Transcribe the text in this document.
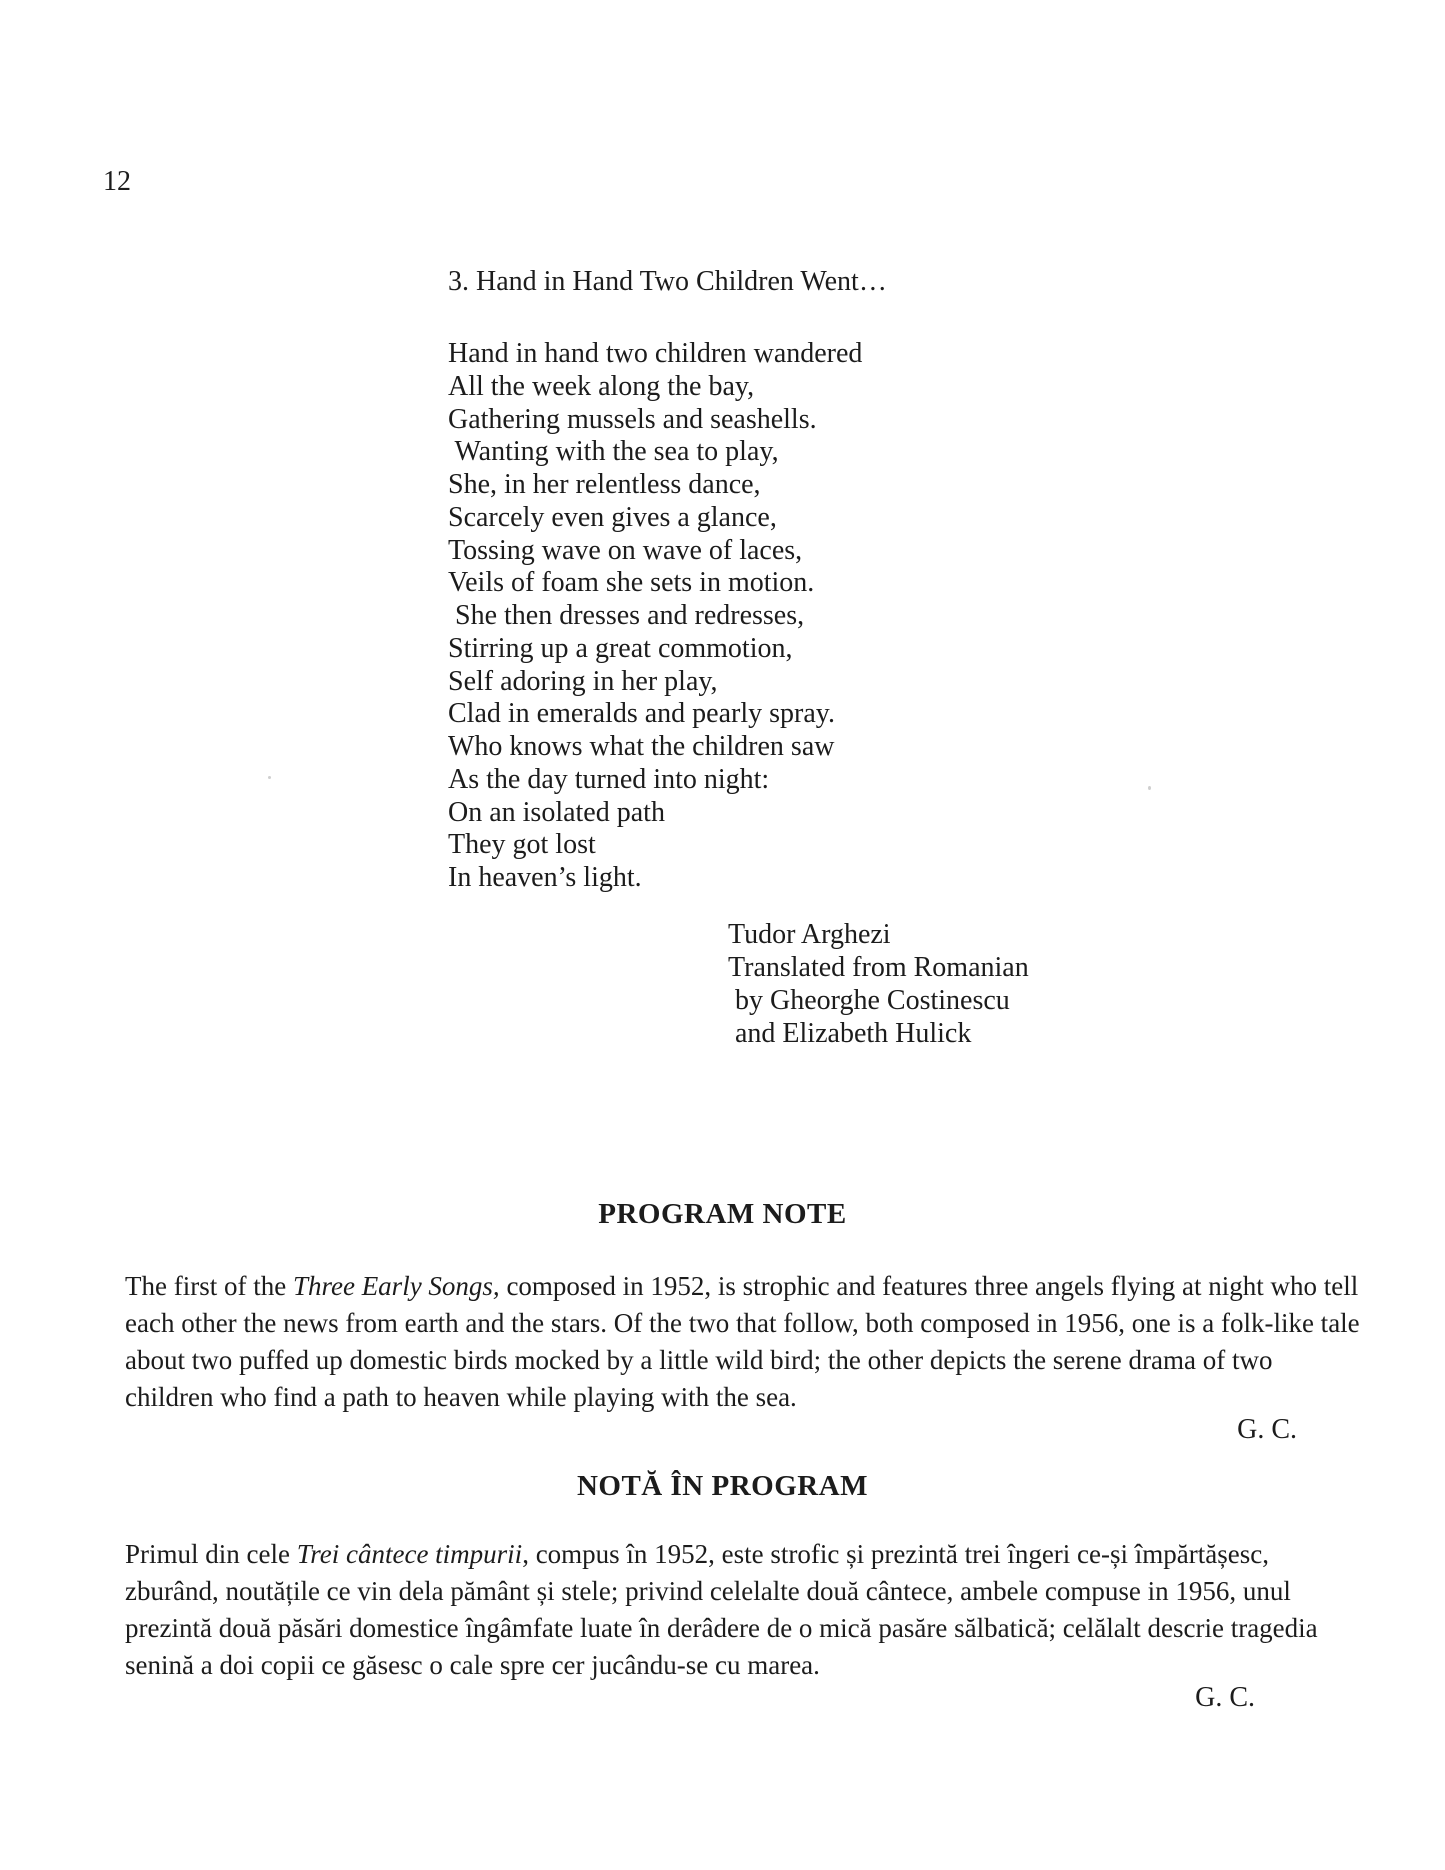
12
3. Hand in Hand Two Children Went…
Hand in hand two children wandered
All the week along the bay,
Gathering mussels and seashells.
Wanting with the sea to play,
She, in her relentless dance,
Scarcely even gives a glance,
Tossing wave on wave of laces,
Veils of foam she sets in motion.
She then dresses and redresses,
Stirring up a great commotion,
Self adoring in her play,
Clad in emeralds and pearly spray.
Who knows what the children saw
As the day turned into night:
On an isolated path
They got lost
In heaven’s light.
Tudor Arghezi
Translated from Romanian
by Gheorghe Costinescu
and Elizabeth Hulick
PROGRAM NOTE
The first of the Three Early Songs, composed in 1952, is strophic and features three angels flying at night who tell each other the news from earth and the stars. Of the two that follow, both composed in 1956, one is a folk-like tale about two puffed up domestic birds mocked by a little wild bird; the other depicts the serene drama of two children who find a path to heaven while playing with the sea.
G. C.
NOTĂ ÎN PROGRAM
Primul din cele Trei cântece timpurii, compus în 1952, este strofic și prezintă trei îngeri ce-și împărtășesc, zburând, noutățile ce vin dela pământ și stele; privind celelalte două cântece, ambele compuse in 1956, unul prezintă două păsări domestice îngâmfate luate în derâdere de o mică pasăre sălbatică; celălalt descrie tragedia senină a doi copii ce găsesc o cale spre cer jucându-se cu marea.
G. C.
